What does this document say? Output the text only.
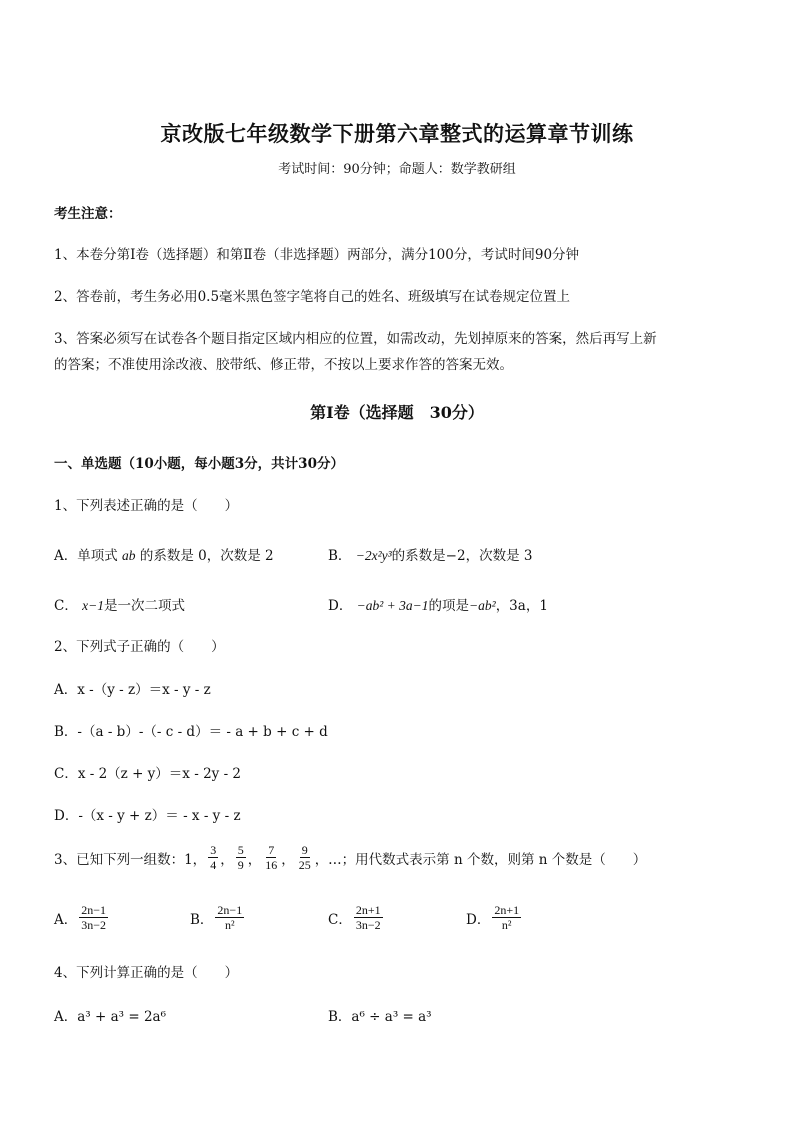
京改版七年级数学下册第六章整式的运算章节训练
考试时间：90分钟；命题人：数学教研组
考生注意：
1、本卷分第Ⅰ卷（选择题）和第Ⅱ卷（非选择题）两部分，满分100分，考试时间90分钟
2、答卷前，考生务必用0.5毫米黑色签字笔将自己的姓名、班级填写在试卷规定位置上
3、答案必须写在试卷各个题目指定区域内相应的位置，如需改动，先划掉原来的答案，然后再写上新
的答案；不准使用涂改液、胶带纸、修正带，不按以上要求作答的答案无效。
第Ⅰ卷（选择题　30分）
一、单选题（10小题，每小题3分，共计30分）
1、下列表述正确的是（　　）
A．单项式 ab 的系数是 0，次数是 2	B． −2x²y³的系数是−2，次数是 3
C． x−1是一次二项式	D． −ab² + 3a−1的项是−ab²，3a，1
2、下列式子正确的（　　）
A．x -（y - z）＝x - y - z
B．-（a - b）-（- c - d）＝ - a + b + c + d
C．x - 2（z + y）＝x - 2y - 2
D．-（x - y + z）＝ - x - y - z
3、已知下列一组数：1， $\frac{3}{4}$ ， $\frac{5}{9}$ ， $\frac{7}{16}$ ， $\frac{9}{25}$ ，…；用代数式表示第 n 个数，则第 n 个数是（　　）
A． $\frac{2n-1}{3n-2}$	B． $\frac{2n-1}{\text{n²}}$	C． $\frac{2n+1}{3n-2}$	D． $\frac{2n+1}{\text{n²}}$
4、下列计算正确的是（　　）
A．a³ + a³ = 2a⁶	B．a⁶ ÷ a³ = a³
